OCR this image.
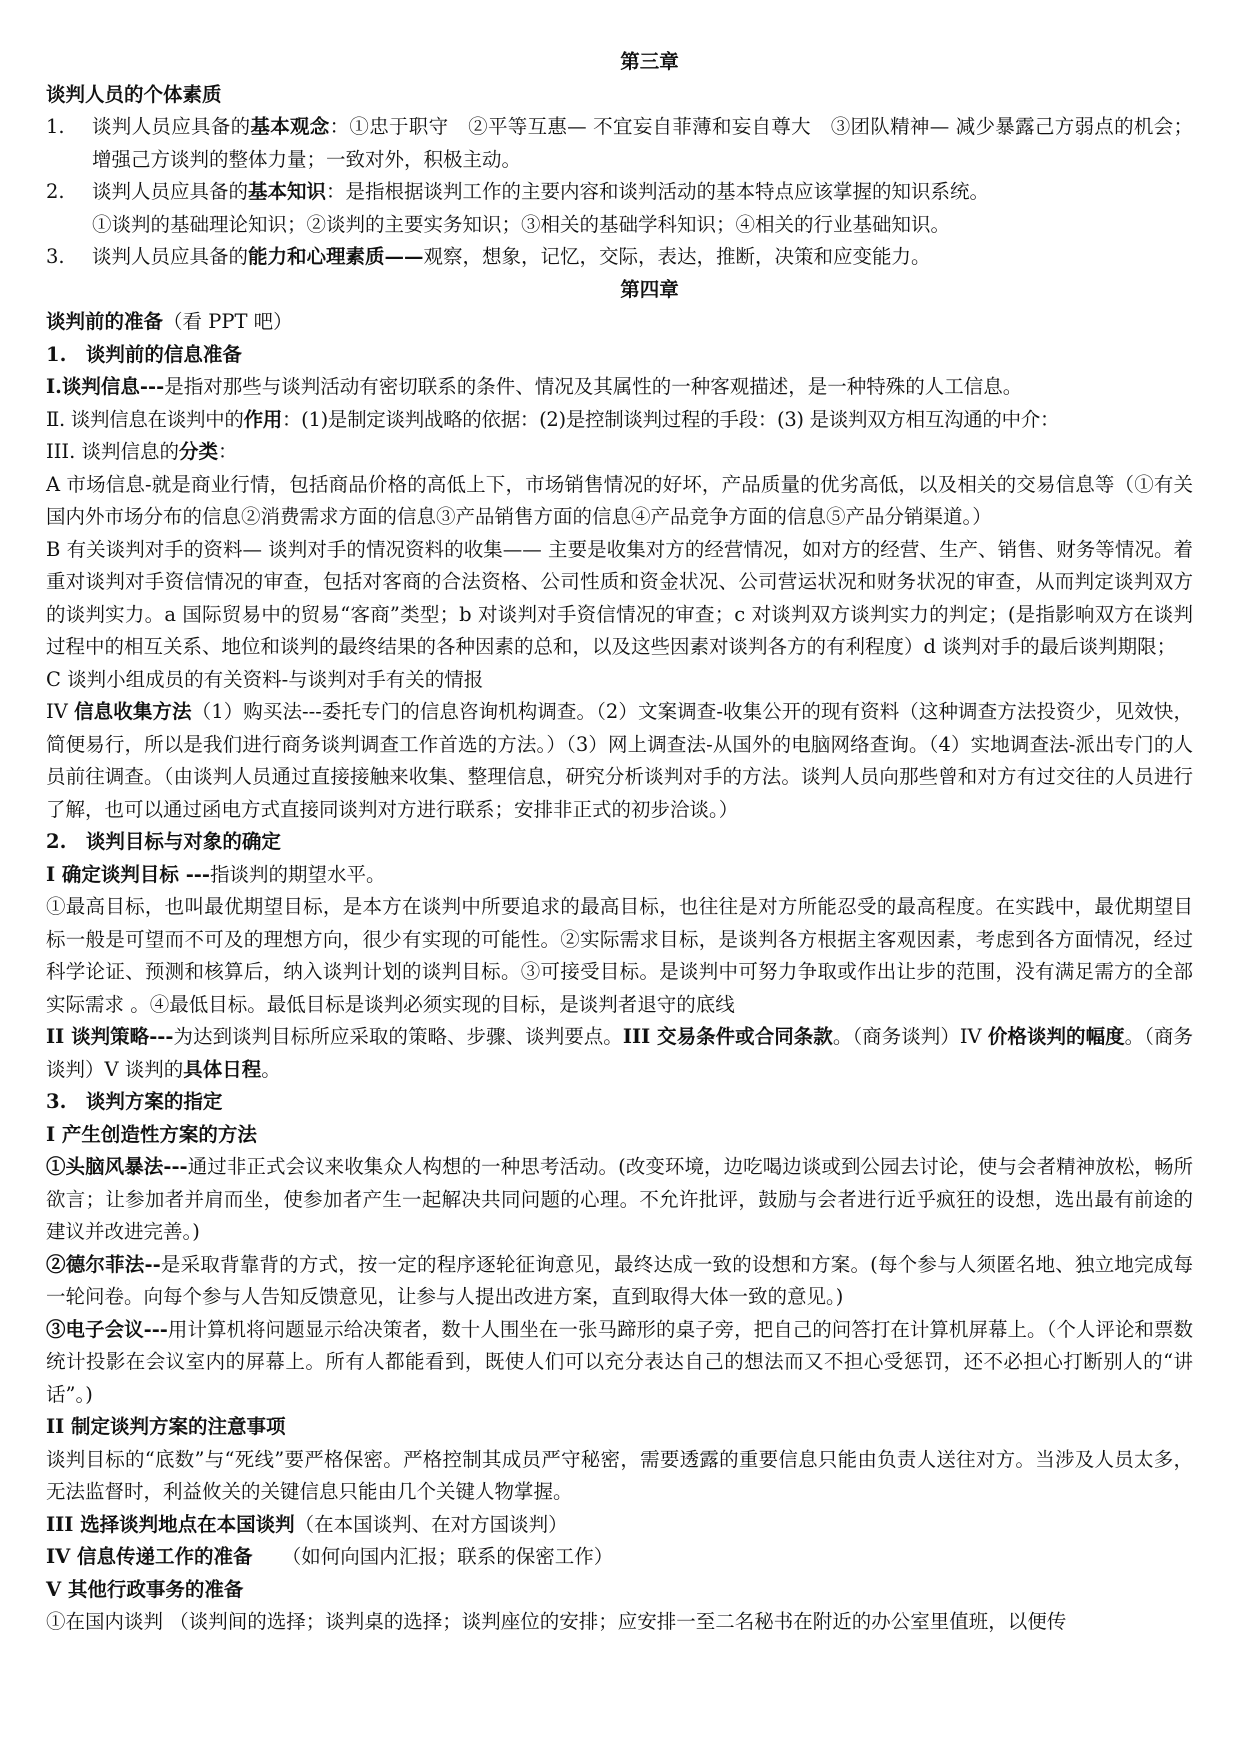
第三章

谈判人员的个体素质

1. 谈判人员应具备的基本观念：①忠于职守　②平等互惠— 不宜妄自菲薄和妄自尊大　③团队精神— 减少暴露己方弱点的机会；增强己方谈判的整体力量；一致对外，积极主动。
2. 谈判人员应具备的基本知识：是指根据谈判工作的主要内容和谈判活动的基本特点应该掌握的知识系统。

①谈判的基础理论知识；②谈判的主要实务知识；③相关的基础学科知识；④相关的行业基础知识。

3. 谈判人员应具备的能力和心理素质——观察，想象，记忆，交际，表达，推断，决策和应变能力。

第四章

谈判前的准备（看 PPT 吧）

1.　谈判前的信息准备

Ⅰ.谈判信息---是指对那些与谈判活动有密切联系的条件、情况及其属性的一种客观描述，是一种特殊的人工信息。

Ⅱ. 谈判信息在谈判中的作用：(1)是制定谈判战略的依据：(2)是控制谈判过程的手段：(3) 是谈判双方相互沟通的中介：

III. 谈判信息的分类：

A 市场信息-就是商业行情，包括商品价格的高低上下，市场销售情况的好坏，产品质量的优劣高低，以及相关的交易信息等（①有关国内外市场分布的信息②消费需求方面的信息③产品销售方面的信息④产品竞争方面的信息⑤产品分销渠道。）

B 有关谈判对手的资料— 谈判对手的情况资料的收集—— 主要是收集对方的经营情况，如对方的经营、生产、销售、财务等情况。着重对谈判对手资信情况的审查，包括对客商的合法资格、公司性质和资金状况、公司营运状况和财务状况的审查，从而判定谈判双方的谈判实力。a 国际贸易中的贸易“客商”类型；b 对谈判对手资信情况的审查；c 对谈判双方谈判实力的判定；(是指影响双方在谈判过程中的相互关系、地位和谈判的最终结果的各种因素的总和，以及这些因素对谈判各方的有利程度）d 谈判对手的最后谈判期限；

C 谈判小组成员的有关资料-与谈判对手有关的情报

IV 信息收集方法（1）购买法---委托专门的信息咨询机构调查。（2）文案调查-收集公开的现有资料（这种调查方法投资少，见效快，简便易行，所以是我们进行商务谈判调查工作首选的方法。）（3）网上调查法-从国外的电脑网络查询。（4）实地调查法-派出专门的人员前往调查。（由谈判人员通过直接接触来收集、整理信息，研究分析谈判对手的方法。谈判人员向那些曾和对方有过交往的人员进行了解，也可以通过函电方式直接同谈判对方进行联系；安排非正式的初步洽谈。）

2.　谈判目标与对象的确定

I 确定谈判目标 ---指谈判的期望水平。

①最高目标，也叫最优期望目标，是本方在谈判中所要追求的最高目标，也往往是对方所能忍受的最高程度。在实践中，最优期望目标一般是可望而不可及的理想方向，很少有实现的可能性。②实际需求目标，是谈判各方根据主客观因素，考虑到各方面情况，经过科学论证、预测和核算后，纳入谈判计划的谈判目标。③可接受目标。是谈判中可努力争取或作出让步的范围，没有满足需方的全部实际需求 。④最低目标。最低目标是谈判必须实现的目标，是谈判者退守的底线

II 谈判策略---为达到谈判目标所应采取的策略、步骤、谈判要点。III 交易条件或合同条款。（商务谈判）IV 价格谈判的幅度。（商务谈判）V 谈判的具体日程。

3.　谈判方案的指定

I 产生创造性方案的方法

①头脑风暴法---通过非正式会议来收集众人构想的一种思考活动。(改变环境，边吃喝边谈或到公园去讨论，使与会者精神放松，畅所欲言；让参加者并肩而坐，使参加者产生一起解决共同问题的心理。不允许批评，鼓励与会者进行近乎疯狂的设想，选出最有前途的建议并改进完善。)

②德尔菲法--是采取背靠背的方式，按一定的程序逐轮征询意见，最终达成一致的设想和方案。(每个参与人须匿名地、独立地完成每一轮问卷。向每个参与人告知反馈意见，让参与人提出改进方案，直到取得大体一致的意见。)

③电子会议---用计算机将问题显示给决策者，数十人围坐在一张马蹄形的桌子旁，把自己的问答打在计算机屏幕上。（个人评论和票数统计投影在会议室内的屏幕上。所有人都能看到，既使人们可以充分表达自己的想法而又不担心受惩罚，还不必担心打断别人的“讲话”。)

II 制定谈判方案的注意事项

谈判目标的“底数”与“死线”要严格保密。严格控制其成员严守秘密，需要透露的重要信息只能由负责人送往对方。当涉及人员太多，无法监督时，利益攸关的关键信息只能由几个关键人物掌握。

III 选择谈判地点在本国谈判（在本国谈判、在对方国谈判）

IV 信息传递工作的准备　　（如何向国内汇报；联系的保密工作）

V 其他行政事务的准备

①在国内谈判 （谈判间的选择；谈判桌的选择；谈判座位的安排；应安排一至二名秘书在附近的办公室里值班，以便传
